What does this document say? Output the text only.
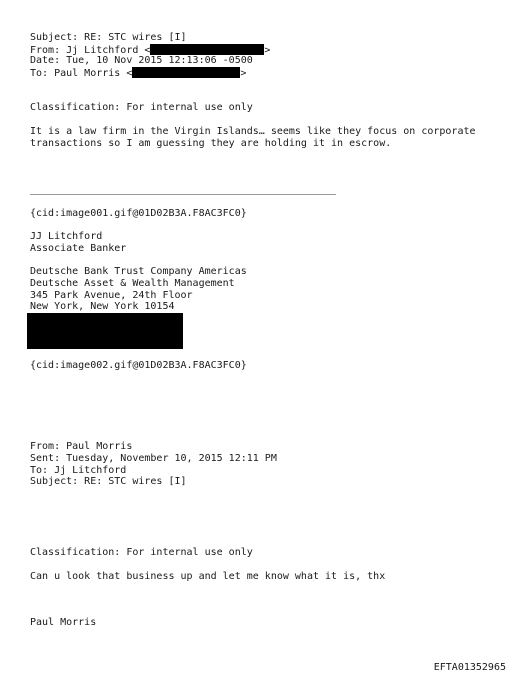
Subject: RE: STC wires [I]
From: Jj Litchford <	>
Date: Tue, 10 Nov 2015 12:13:06 -0500
To: Paul Morris <	>
Classification: For internal use only
It is a law firm in the Virgin Islands… seems like they focus on corporate
transactions so I am guessing they are holding it in escrow.
{cid:image001.gif@01D02B3A.F8AC3FC0}
JJ Litchford
Associate Banker
Deutsche Bank Trust Company Americas
Deutsche Asset & Wealth Management
345 Park Avenue, 24th Floor
New York, New York 10154
{cid:image002.gif@01D02B3A.F8AC3FC0}
From: Paul Morris
Sent: Tuesday, November 10, 2015 12:11 PM
To: Jj Litchford
Subject: RE: STC wires [I]
Classification: For internal use only
Can u look that business up and let me know what it is, thx
Paul Morris
EFTA01352965
